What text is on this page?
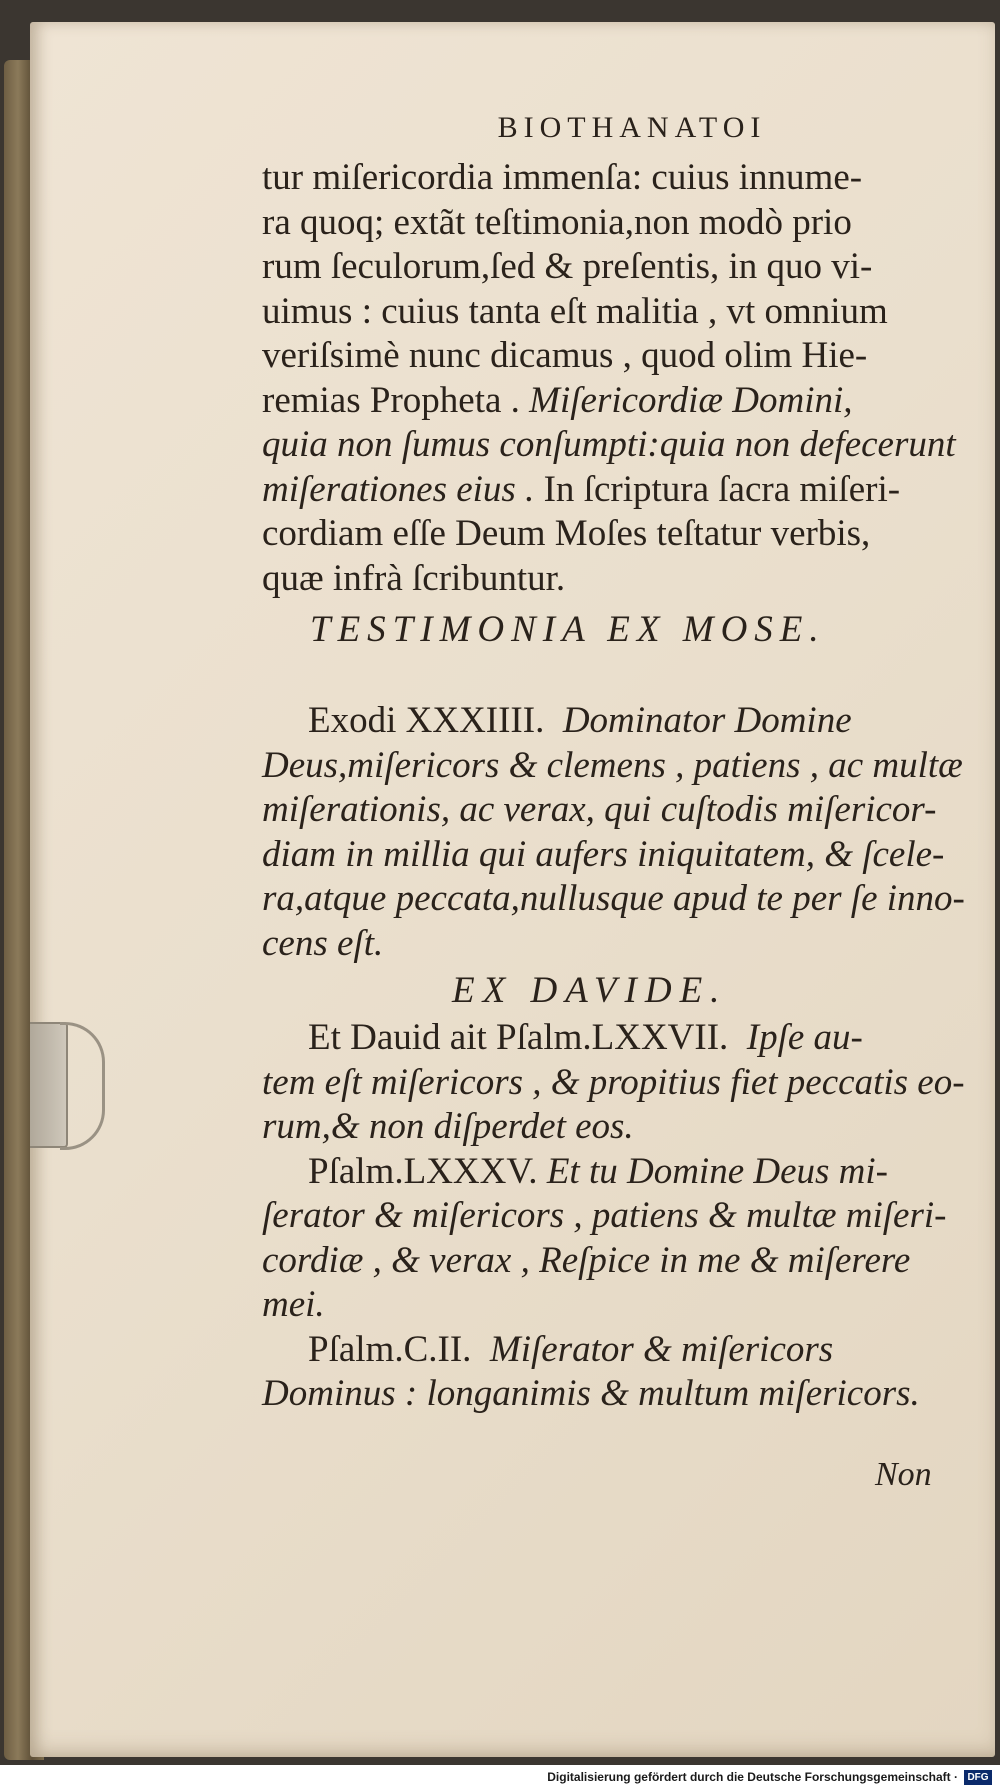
BIOTHANATOI
tur miſericordia immenſa: cuius innume-
ra quoq; extãt teſtimonia,non modò prio
rum ſeculorum,ſed & preſentis, in quo vi-
uimus : cuius tanta eſt malitia , vt omnium
veriſsimè nunc dicamus , quod olim Hie-
remias Propheta . Miſericordiæ Domini,
quia non ſumus conſumpti:quia non defecerunt
miſerationes eius . In ſcriptura ſacra miſeri-
cordiam eſſe Deum Moſes teſtatur verbis,
quæ infrà ſcribuntur.
TESTIMONIA EX MOSE.
Exodi XXXIIII. Dominator Domine
Deus,miſericors & clemens , patiens , ac multæ
miſerationis, ac verax, qui cuſtodis miſericor-
diam in millia qui aufers iniquitatem, & ſcele-
ra,atque peccata,nullusque apud te per ſe inno-
cens eſt.
EX DAVIDE.
Et Dauid ait Pſalm.LXXVII. Ipſe au-
tem eſt miſericors , & propitius fiet peccatis eo-
rum,& non diſperdet eos.
Pſalm.LXXXV. Et tu Domine Deus mi-
ſerator & miſericors , patiens & multæ miſeri-
cordiæ , & verax , Reſpice in me & miſerere
mei.
Pſalm.C.II. Miſerator & miſericors
Dominus : longanimis & multum miſericors.
Non
Digitalisierung gefördert durch die Deutsche Forschungsgemeinschaft · DFG
